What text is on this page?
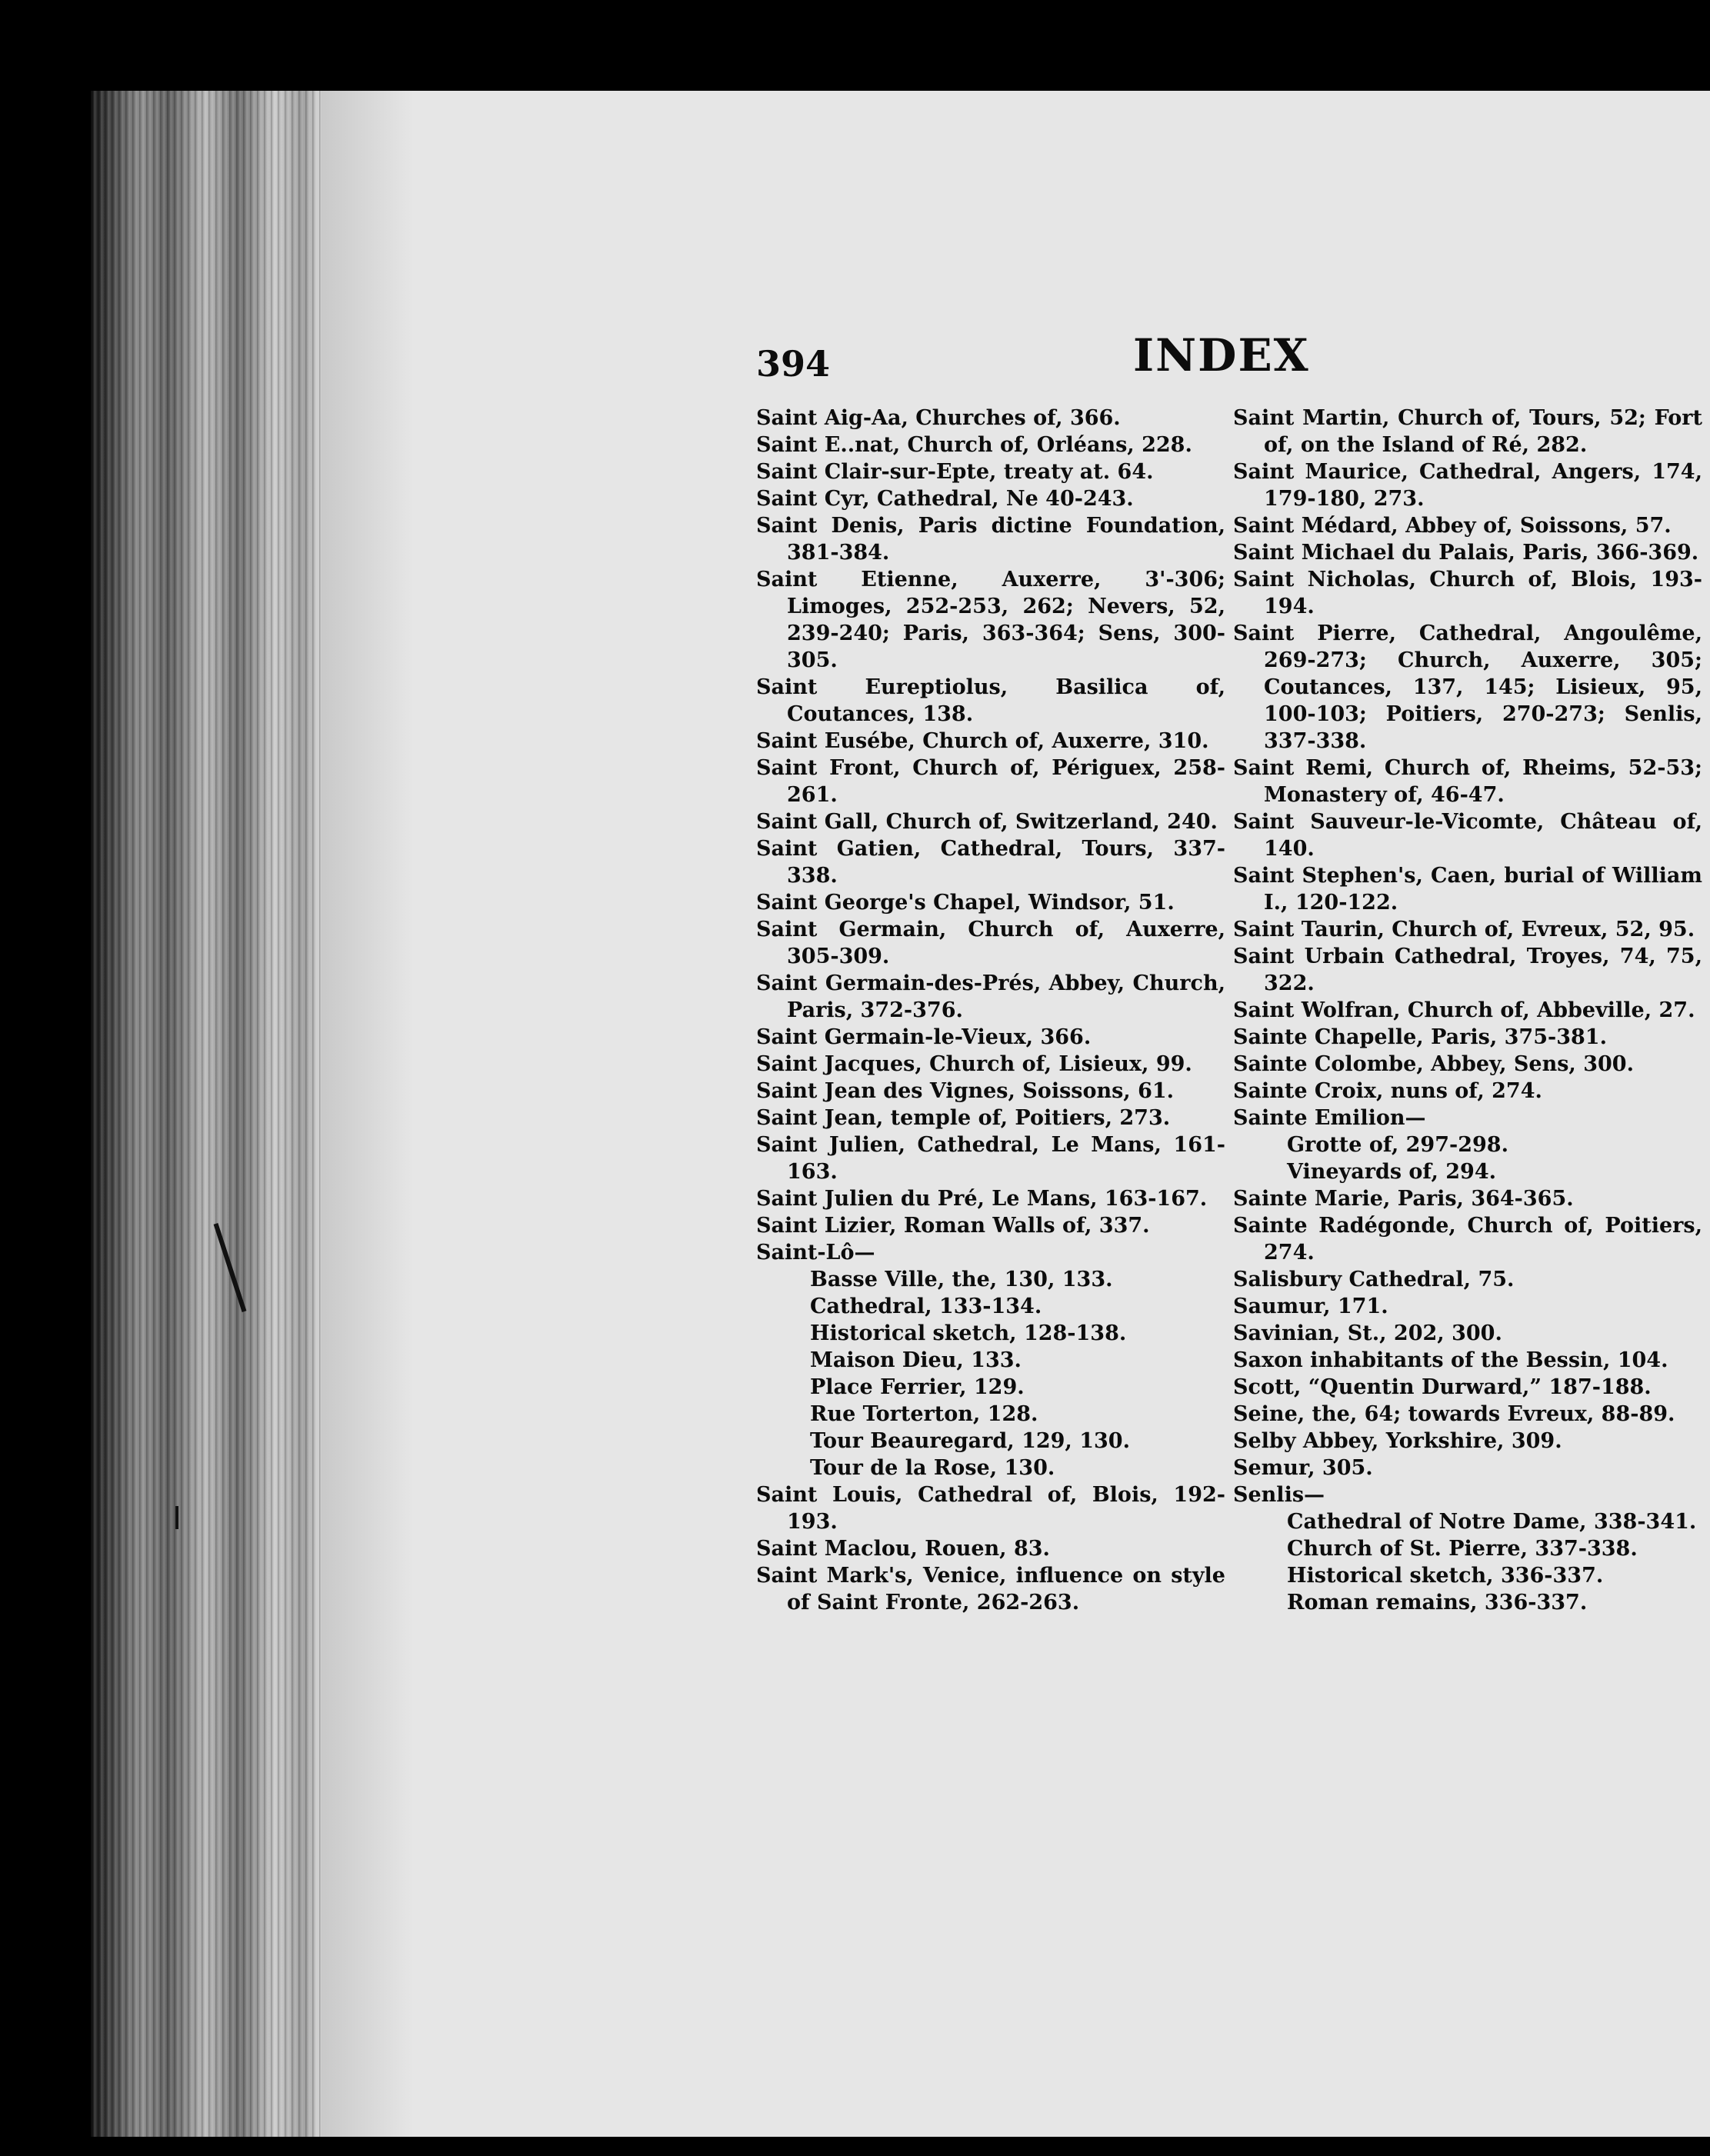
394	INDEX
Saint Aig-Aa, Churches of, 366.
Saint E..nat, Church of, Orléans, 228.
Saint Clair-sur-Epte, treaty at. 64.
Saint Cyr, Cathedral, Ne 40-243.
Saint Denis, Paris dictine Foundation, 381-384.
Saint Etienne, Auxerre, 3'-306; Limoges, 252-253, 262; Nevers, 52, 239-240; Paris, 363-364; Sens, 300-305.
Saint Eureptiolus, Basilica of, Coutances, 138.
Saint Eusébe, Church of, Auxerre, 310.
Saint Front, Church of, Périguex, 258-261.
Saint Gall, Church of, Switzerland, 240.
Saint Gatien, Cathedral, Tours, 337-338.
Saint George's Chapel, Windsor, 51.
Saint Germain, Church of, Auxerre, 305-309.
Saint Germain-des-Prés, Abbey, Church, Paris, 372-376.
Saint Germain-le-Vieux, 366.
Saint Jacques, Church of, Lisieux, 99.
Saint Jean des Vignes, Soissons, 61.
Saint Jean, temple of, Poitiers, 273.
Saint Julien, Cathedral, Le Mans, 161-163.
Saint Julien du Pré, Le Mans, 163-167.
Saint Lizier, Roman Walls of, 337.
Saint-Lô—
Basse Ville, the, 130, 133.
Cathedral, 133-134.
Historical sketch, 128-138.
Maison Dieu, 133.
Place Ferrier, 129.
Rue Torterton, 128.
Tour Beauregard, 129, 130.
Tour de la Rose, 130.
Saint Louis, Cathedral of, Blois, 192-193.
Saint Maclou, Rouen, 83.
Saint Mark's, Venice, influence on style of Saint Fronte, 262-263.
Saint Martin, Church of, Tours, 52; Fort of, on the Island of Ré, 282.
Saint Maurice, Cathedral, Angers, 174, 179-180, 273.
Saint Médard, Abbey of, Soissons, 57.
Saint Michael du Palais, Paris, 366-369.
Saint Nicholas, Church of, Blois, 193-194.
Saint Pierre, Cathedral, Angoulême, 269-273; Church, Auxerre, 305; Coutances, 137, 145; Lisieux, 95, 100-103; Poitiers, 270-273; Senlis, 337-338.
Saint Remi, Church of, Rheims, 52-53; Monastery of, 46-47.
Saint Sauveur-le-Vicomte, Château of, 140.
Saint Stephen's, Caen, burial of William I., 120-122.
Saint Taurin, Church of, Evreux, 52, 95.
Saint Urbain Cathedral, Troyes, 74, 75, 322.
Saint Wolfran, Church of, Abbeville, 27.
Sainte Chapelle, Paris, 375-381.
Sainte Colombe, Abbey, Sens, 300.
Sainte Croix, nuns of, 274.
Sainte Emilion—
Grotte of, 297-298.
Vineyards of, 294.
Sainte Marie, Paris, 364-365.
Sainte Radégonde, Church of, Poitiers, 274.
Salisbury Cathedral, 75.
Saumur, 171.
Savinian, St., 202, 300.
Saxon inhabitants of the Bessin, 104.
Scott, “Quentin Durward,” 187-188.
Seine, the, 64; towards Evreux, 88-89.
Selby Abbey, Yorkshire, 309.
Semur, 305.
Senlis—
Cathedral of Notre Dame, 338-341.
Church of St. Pierre, 337-338.
Historical sketch, 336-337.
Roman remains, 336-337.
